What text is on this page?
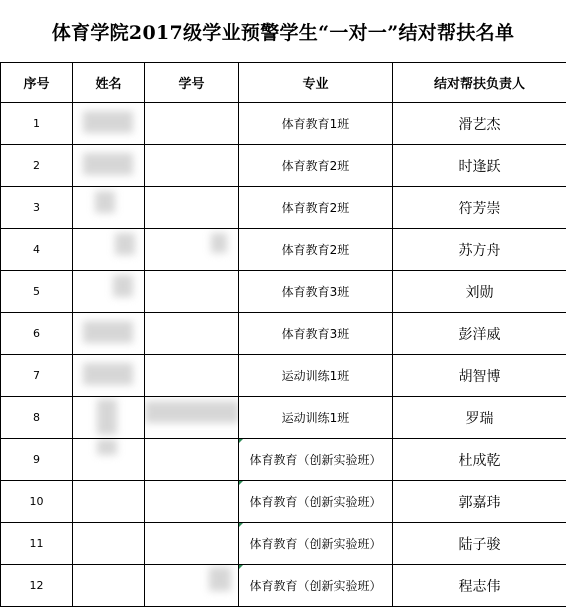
体育学院2017级学业预警学生“一对一”结对帮扶名单
序号	姓名	学号	专业	结对帮扶负责人
1			体育教育1班	滑艺杰
2			体育教育2班	时逢跃
3			体育教育2班	符芳崇
4			体育教育2班	苏方舟
5			体育教育3班	刘勋
6			体育教育3班	彭洋威
7			运动训练1班	胡智博
8			运动训练1班	罗瑞
9			体育教育（创新实验班）	杜成乾
10			体育教育（创新实验班）	郭嘉玮
11			体育教育（创新实验班）	陆子骏
12			体育教育（创新实验班）	程志伟
